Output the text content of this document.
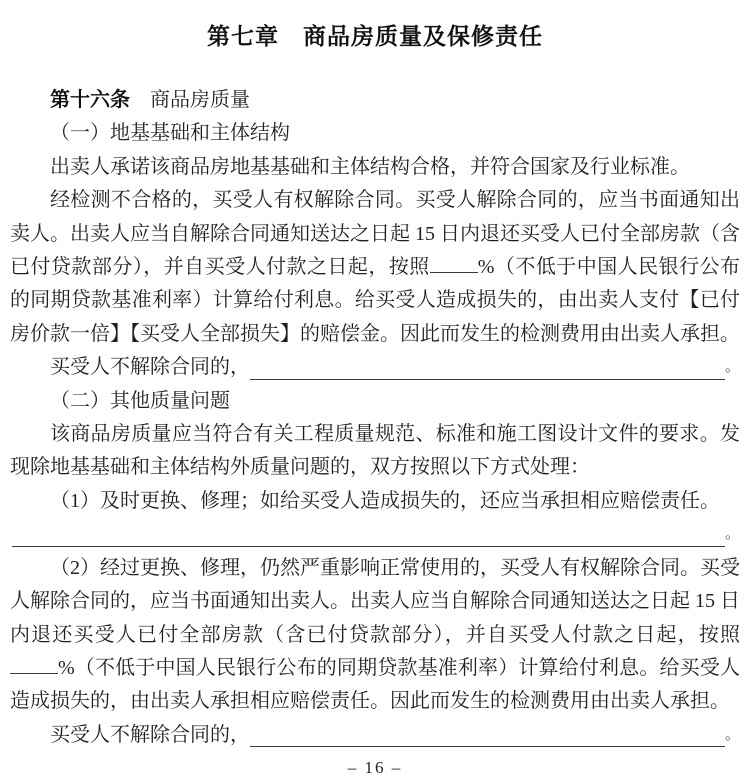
第七章　商品房质量及保修责任

第十六条　 商品房质量

（一）地基基础和主体结构

出卖人承诺该商品房地基基础和主体结构合格，并符合国家及行业标准。

经检测不合格的，买受人有权解除合同。买受人解除合同的，应当书面通知出卖人。出卖人应当自解除合同通知送达之日起 15 日内退还买受人已付全部房款（含已付贷款部分），并自买受人付款之日起，按照 %（不低于中国人民银行公布的同期贷款基准利率）计算给付利息。给买受人造成损失的，由出卖人支付【已付房价款一倍】【买受人全部损失】的赔偿金。因此而发生的检测费用由出卖人承担。

买受人不解除合同的，	。

（二）其他质量问题

该商品房质量应当符合有关工程质量规范、标准和施工图设计文件的要求。发现除地基基础和主体结构外质量问题的，双方按照以下方式处理：

（1）及时更换、修理；如给买受人造成损失的，还应当承担相应赔偿责任。

。

（2）经过更换、修理，仍然严重影响正常使用的，买受人有权解除合同。买受人解除合同的，应当书面通知出卖人。出卖人应当自解除合同通知送达之日起 15 日内退还买受人已付全部房款（含已付贷款部分），并自买受人付款之日起，按照%（不低于中国人民银行公布的同期贷款基准利率）计算给付利息。给买受人造成损失的，由出卖人承担相应赔偿责任。因此而发生的检测费用由出卖人承担。

买受人不解除合同的，	。

– 16 –
